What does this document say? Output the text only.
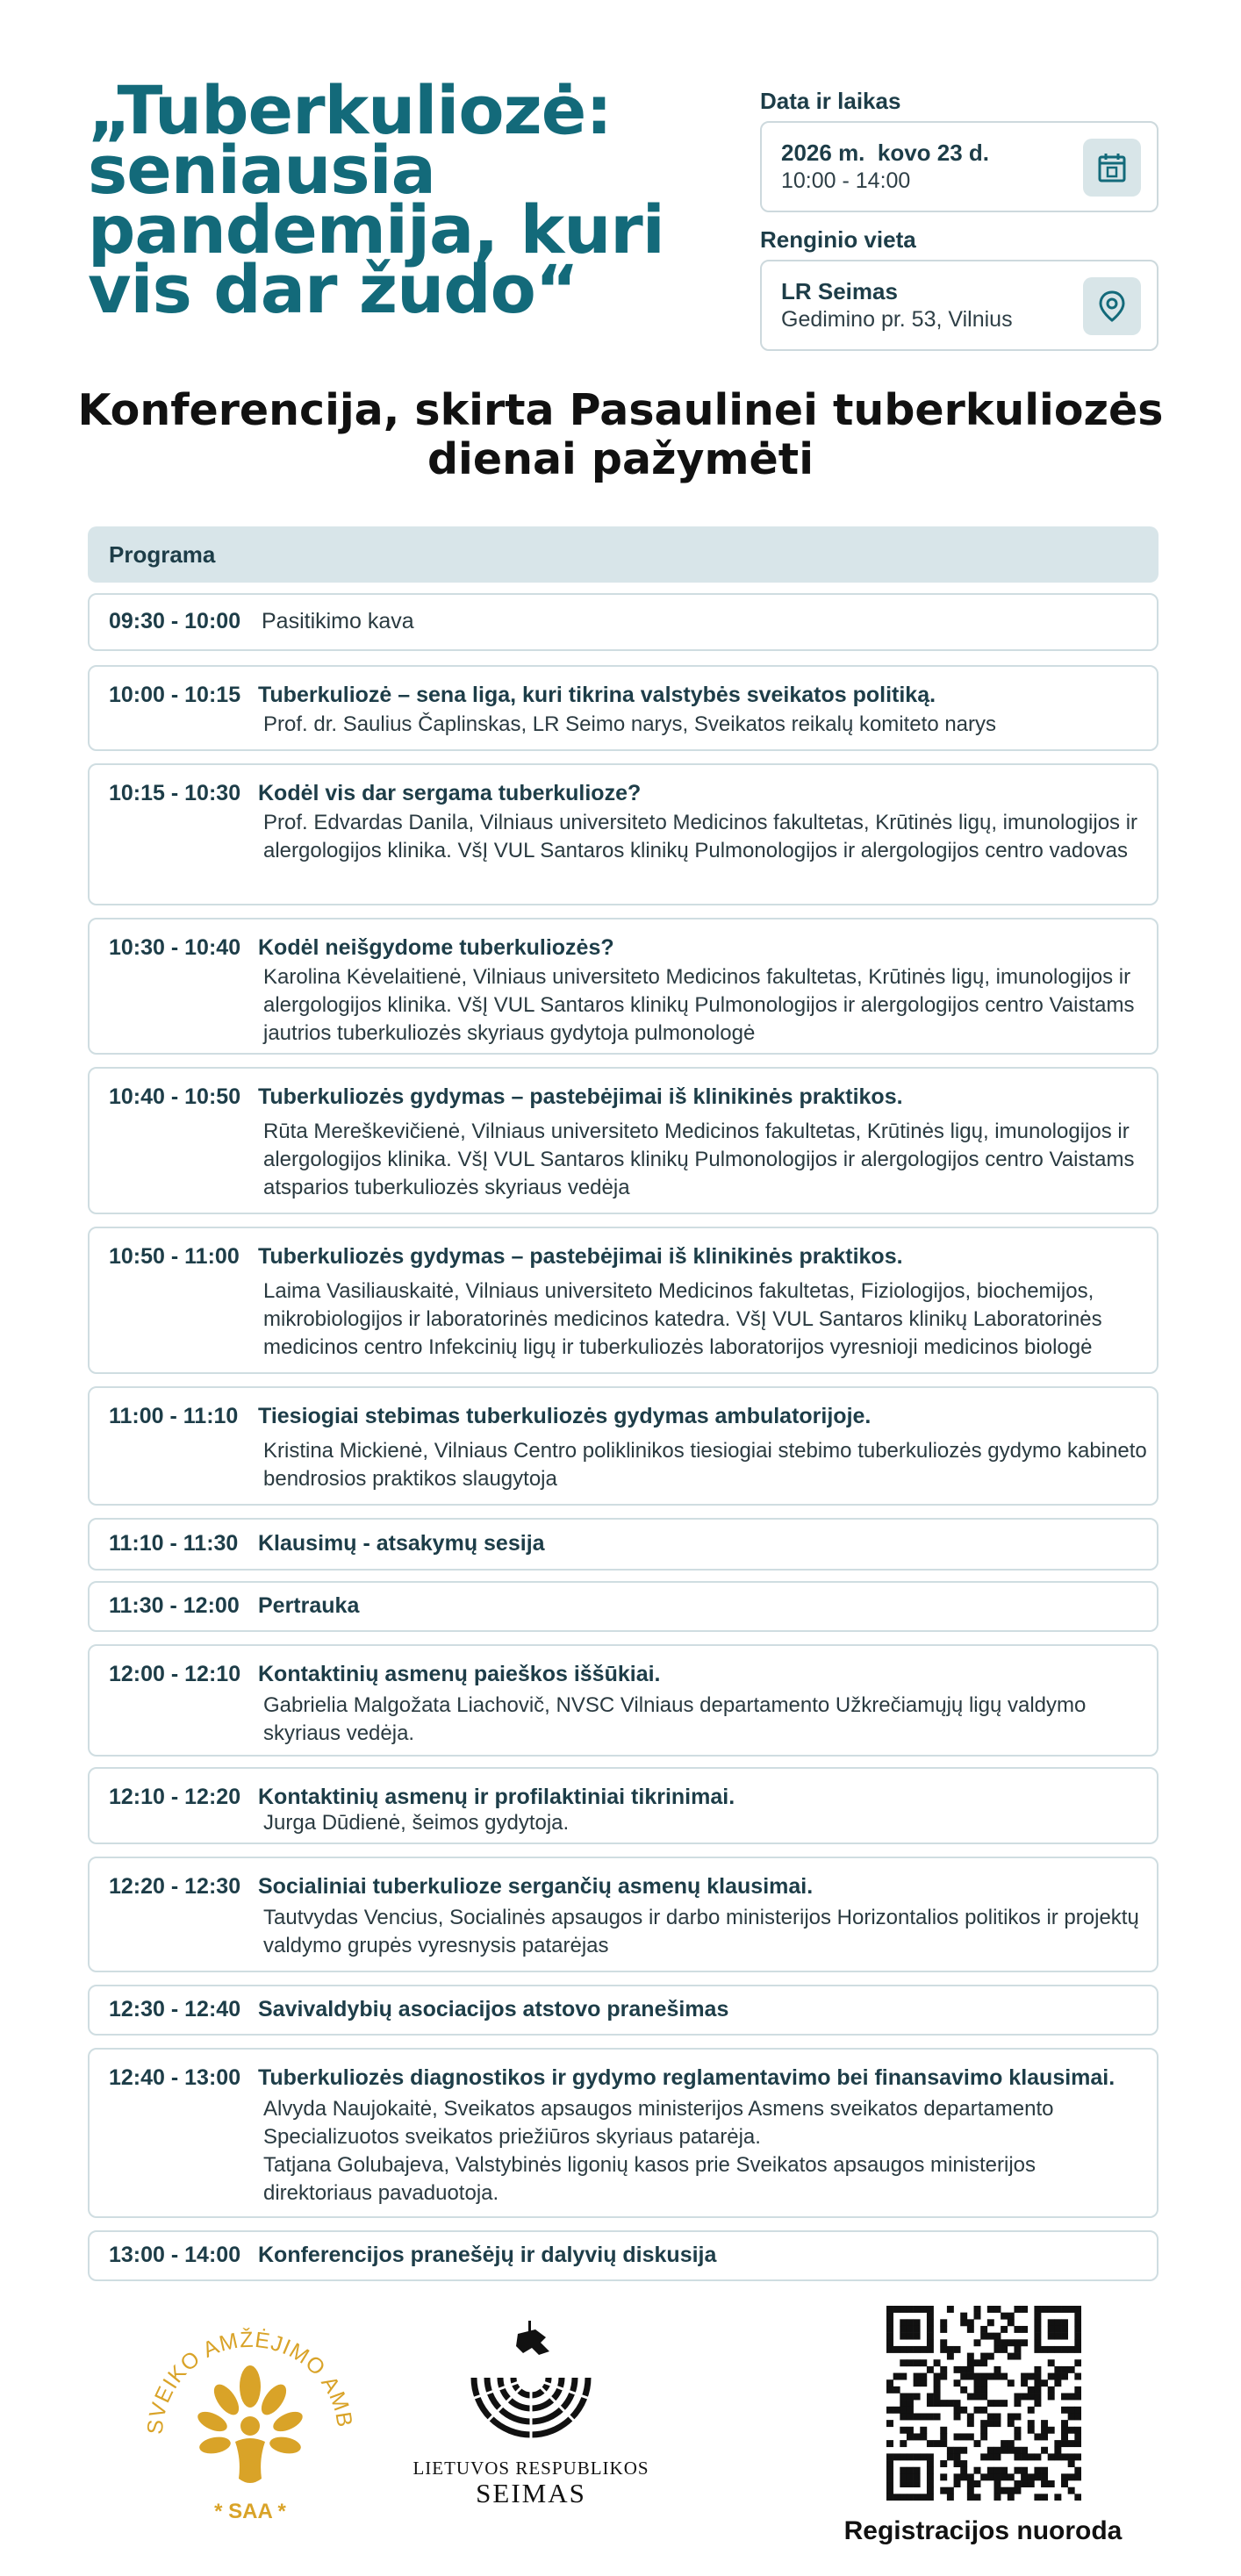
„Tuberkuliozė: seniausia pandemija, kuri vis dar žudo“
Data ir laikas
2026 m.  kovo 23 d.
10:00 - 14:00
Renginio vieta
LR Seimas
Gedimino pr. 53, Vilnius
Konferencija, skirta Pasaulinei tuberkuliozės dienai pažymėti
Programa
09:30 - 10:00 Pasitikimo kava
10:00 - 10:15 Tuberkuliozė – sena liga, kuri tikrina valstybės sveikatos politiką.
Prof. dr. Saulius Čaplinskas, LR Seimo narys, Sveikatos reikalų komiteto narys
10:15 - 10:30 Kodėl vis dar sergama tuberkulioze?
Prof. Edvardas Danila, Vilniaus universiteto Medicinos fakultetas, Krūtinės ligų, imunologijos ir alergologijos klinika. VšĮ VUL Santaros klinikų Pulmonologijos ir alergologijos centro vadovas
10:30 - 10:40 Kodėl neišgydome tuberkuliozės?
Karolina Kėvelaitienė, Vilniaus universiteto Medicinos fakultetas, Krūtinės ligų, imunologijos ir alergologijos klinika. VšĮ VUL Santaros klinikų Pulmonologijos ir alergologijos centro Vaistams jautrios tuberkuliozės skyriaus gydytoja pulmonologė
10:40 - 10:50 Tuberkuliozės gydymas – pastebėjimai iš klinikinės praktikos.
Rūta Mereškevičienė, Vilniaus universiteto Medicinos fakultetas, Krūtinės ligų, imunologijos ir alergologijos klinika. VšĮ VUL Santaros klinikų Pulmonologijos ir alergologijos centro Vaistams atsparios tuberkuliozės skyriaus vedėja
10:50 - 11:00 Tuberkuliozės gydymas – pastebėjimai iš klinikinės praktikos.
Laima Vasiliauskaitė, Vilniaus universiteto Medicinos fakultetas, Fiziologijos, biochemijos, mikrobiologijos ir laboratorinės medicinos katedra. VšĮ VUL Santaros klinikų Laboratorinės medicinos centro Infekcinių ligų ir tuberkuliozės laboratorijos vyresnioji medicinos biologė
11:00 - 11:10 Tiesiogiai stebimas tuberkuliozės gydymas ambulatorijoje.
Kristina Mickienė, Vilniaus Centro poliklinikos tiesiogiai stebimo tuberkuliozės gydymo kabineto bendrosios praktikos slaugytoja
11:10 - 11:30 Klausimų - atsakymų sesija
11:30 - 12:00 Pertrauka
12:00 - 12:10 Kontaktinių asmenų paieškos iššūkiai.
Gabrielia Malgožata Liachovič, NVSC Vilniaus departamento Užkrečiamųjų ligų valdymo skyriaus vedėja.
12:10 - 12:20 Kontaktinių asmenų ir profilaktiniai tikrinimai.
Jurga Dūdienė, šeimos gydytoja.
12:20 - 12:30 Socialiniai tuberkulioze sergančių asmenų klausimai.
Tautvydas Vencius, Socialinės apsaugos ir darbo ministerijos Horizontalios politikos ir projektų valdymo grupės vyresnysis patarėjas
12:30 - 12:40 Savivaldybių asociacijos atstovo pranešimas
12:40 - 13:00 Tuberkuliozės diagnostikos ir gydymo reglamentavimo bei finansavimo klausimai.
Alvyda Naujokaitė, Sveikatos apsaugos ministerijos Asmens sveikatos departamento Specializuotos sveikatos priežiūros skyriaus patarėja.
Tatjana Golubajeva, Valstybinės ligonių kasos prie Sveikatos apsaugos ministerijos direktoriaus pavaduotoja.
13:00 - 14:00 Konferencijos pranešėjų ir dalyvių diskusija
SVEIKO AMŽĖJIMO AMB
* SAA *
LIETUVOS RESPUBLIKOS
SEIMAS
Registracijos nuoroda
